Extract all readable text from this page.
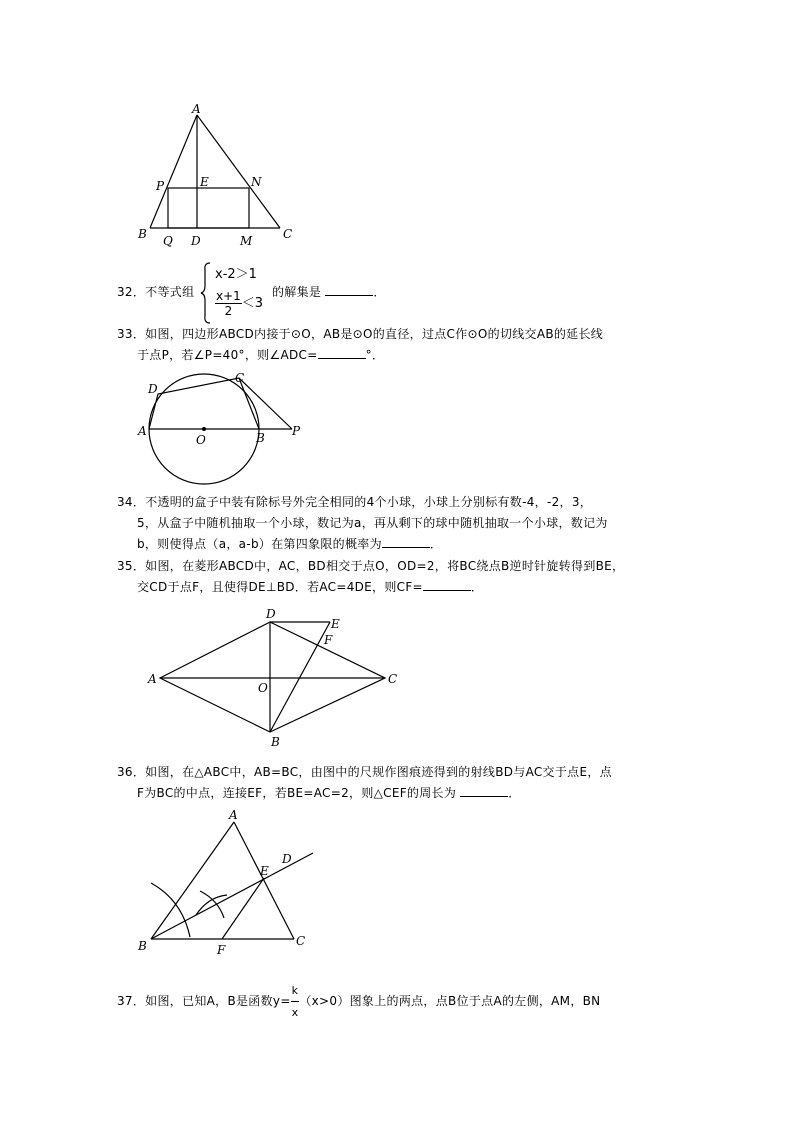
A
P	E	N
B Q D	M	C
32．不等式组
x-2＞1
$\frac{x+1}{2} <3$
的解集是	．
33．如图，四边形ABCD内接于⊙O，AB是⊙O的直径，过点C作⊙O的切线交AB的延长线
于点P，若∠P=40°，则∠ADC=	°．
D
C
A
O	B P
34．不透明的盒子中装有除标号外完全相同的4个小球，小球上分别标有数-4，-2，3，
5，从盒子中随机抽取一个小球，数记为a，再从剩下的球中随机抽取一个小球，数记为
b，则使得点（a，a-b）在第四象限的概率为	．
35．如图，在菱形ABCD中，AC，BD相交于点O，OD=2，将BC绕点B逆时针旋转得到BE，
交CD于点F，且使得DE⊥BD．若AC=4DE，则CF=	．
D
E
F
A
O
C
B
36．如图，在△ABC中，AB=BC，由图中的尺规作图痕迹得到的射线BD与AC交于点E，点
F为BC的中点，连接EF，若BE=AC=2，则△CEF的周长为	．
A
D
E
B	F
C
37．如图，已知A，B是函数$y= \frac{k}{x} (x>0)$图象上的两点，点B位于点A的左侧，AM，BN
